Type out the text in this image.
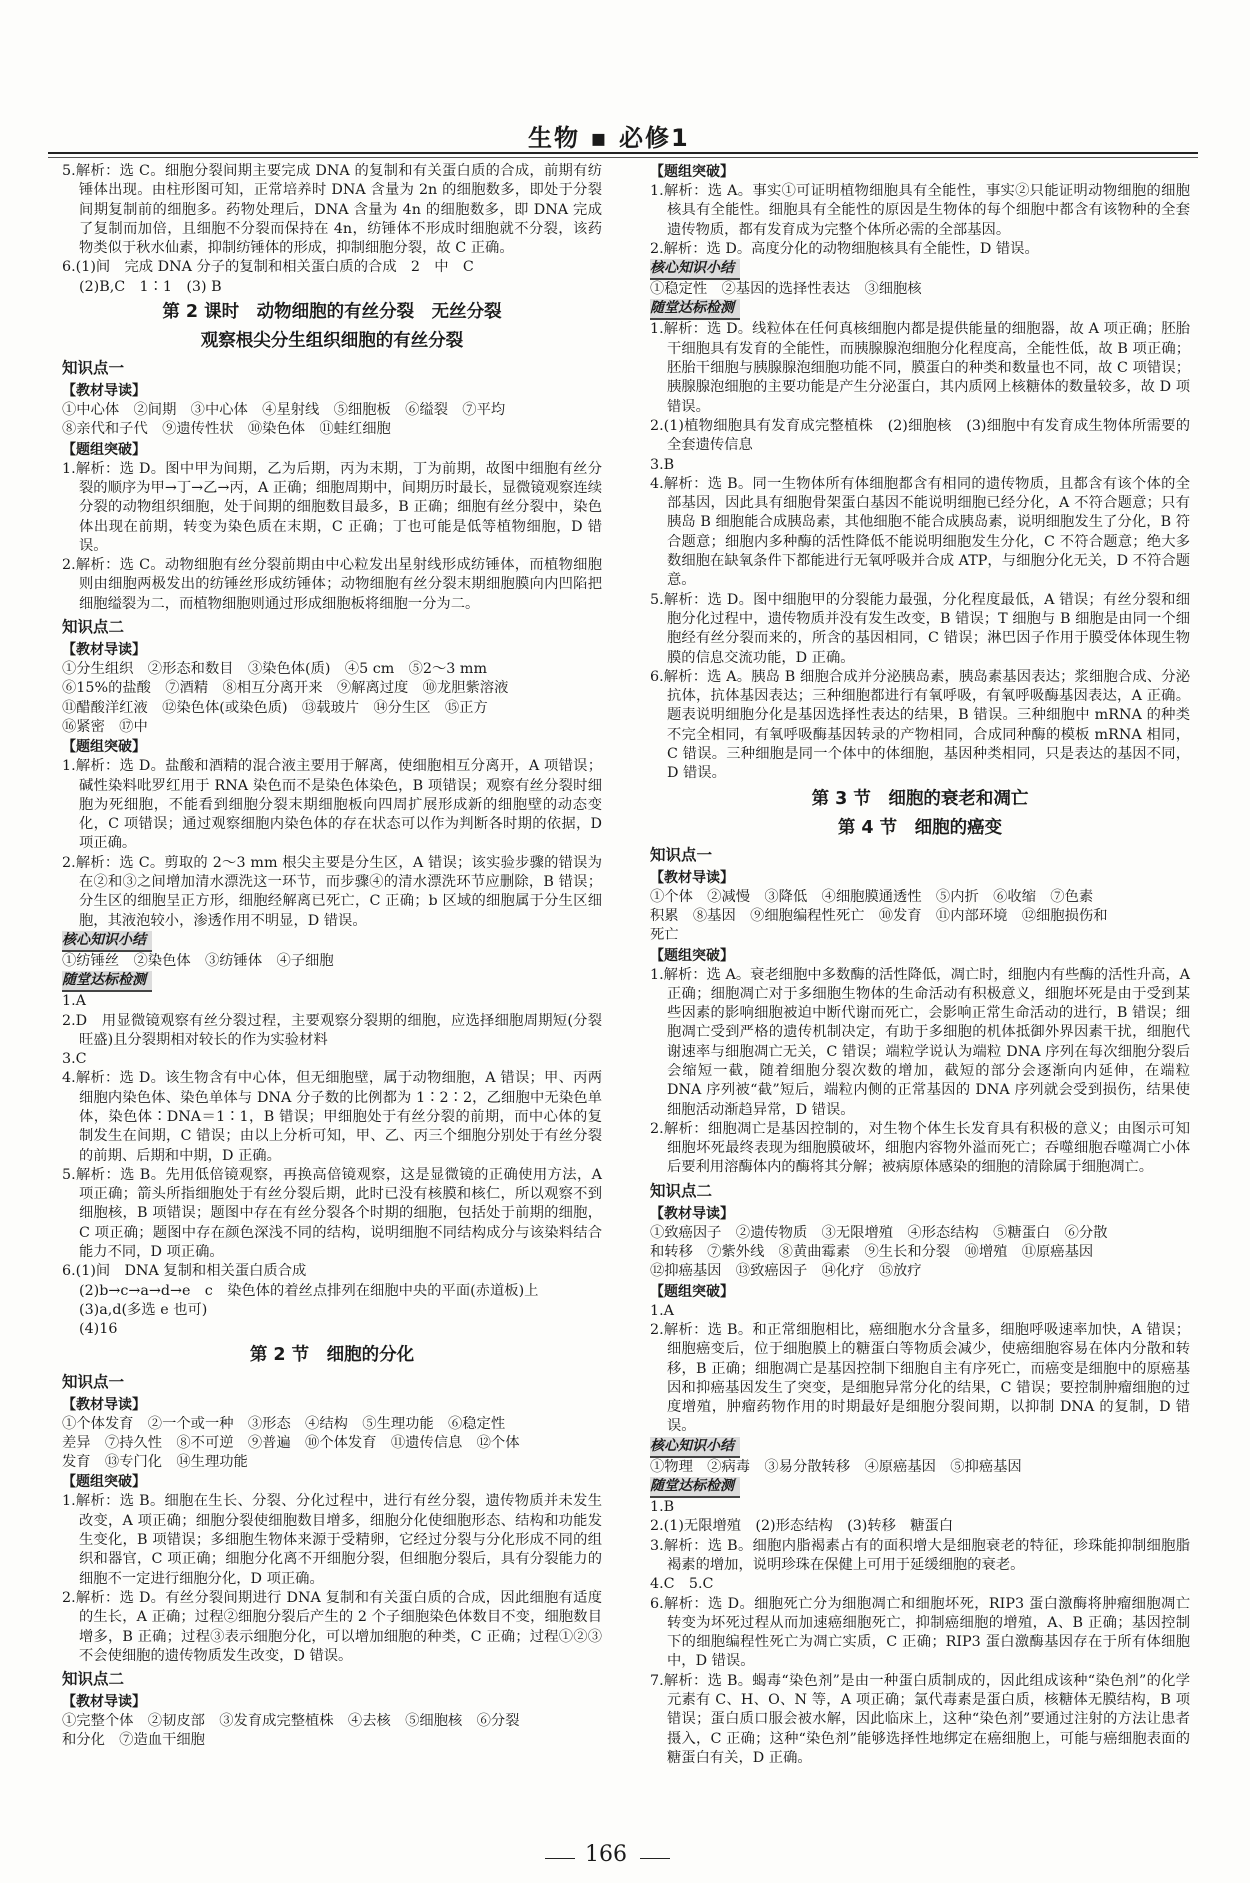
生物 ▪ 必修1

5.解析：选 C。细胞分裂间期主要完成 DNA 的复制和有关蛋白质的合成，前期有纺锤体出现。由柱形图可知，正常培养时 DNA 含量为 2n 的细胞数多，即处于分裂间期复制前的细胞多。药物处理后，DNA 含量为 4n 的细胞数多，即 DNA 完成了复制而加倍，且细胞不分裂而保持在 4n，纺锤体不形成时细胞就不分裂，该药物类似于秋水仙素，抑制纺锤体的形成，抑制细胞分裂，故 C 正确。

6.(1)间　完成 DNA 分子的复制和相关蛋白质的合成　2　中　C

(2)B,C　1∶1　(3) B

第 2 课时　动物细胞的有丝分裂　无丝分裂
观察根尖分生组织细胞的有丝分裂

知识点一

【教材导读】

①中心体　②间期　③中心体　④星射线　⑤细胞板　⑥缢裂　⑦平均

⑧亲代和子代　⑨遗传性状　⑩染色体　⑪蛙红细胞

【题组突破】

1.解析：选 D。图中甲为间期，乙为后期，丙为末期，丁为前期，故图中细胞有丝分裂的顺序为甲→丁→乙→丙，A 正确；细胞周期中，间期历时最长，显微镜观察连续分裂的动物组织细胞，处于间期的细胞数目最多，B 正确；细胞有丝分裂中，染色体出现在前期，转变为染色质在末期，C 正确；丁也可能是低等植物细胞，D 错误。

2.解析：选 C。动物细胞有丝分裂前期由中心粒发出星射线形成纺锤体，而植物细胞则由细胞两极发出的纺锤丝形成纺锤体；动物细胞有丝分裂末期细胞膜向内凹陷把细胞缢裂为二，而植物细胞则通过形成细胞板将细胞一分为二。

知识点二

【教材导读】

①分生组织　②形态和数目　③染色体(质)　④5 cm　⑤2～3 mm

⑥15%的盐酸　⑦酒精　⑧相互分离开来　⑨解离过度　⑩龙胆紫溶液

⑪醋酸洋红液　⑫染色体(或染色质)　⑬载玻片　⑭分生区　⑮正方

⑯紧密　⑰中

【题组突破】

1.解析：选 D。盐酸和酒精的混合液主要用于解离，使细胞相互分离开，A 项错误；碱性染料吡罗红用于 RNA 染色而不是染色体染色，B 项错误；观察有丝分裂时细胞为死细胞，不能看到细胞分裂末期细胞板向四周扩展形成新的细胞壁的动态变化，C 项错误；通过观察细胞内染色体的存在状态可以作为判断各时期的依据，D 项正确。

2.解析：选 C。剪取的 2～3 mm 根尖主要是分生区，A 错误；该实验步骤的错误为在②和③之间增加清水漂洗这一环节，而步骤④的清水漂洗环节应删除，B 错误；分生区的细胞呈正方形，细胞经解离已死亡，C 正确；b 区域的细胞属于分生区细胞，其液泡较小，渗透作用不明显，D 错误。

核心知识小结

①纺锤丝　②染色体　③纺锤体　④子细胞

随堂达标检测

1.A

2.D　用显微镜观察有丝分裂过程，主要观察分裂期的细胞，应选择细胞周期短(分裂旺盛)且分裂期相对较长的作为实验材料

3.C

4.解析：选 D。该生物含有中心体，但无细胞壁，属于动物细胞，A 错误；甲、丙两细胞内染色体、染色单体与 DNA 分子数的比例都为 1∶2∶2，乙细胞中无染色单体，染色体∶DNA＝1∶1，B 错误；甲细胞处于有丝分裂的前期，而中心体的复制发生在间期，C 错误；由以上分析可知，甲、乙、丙三个细胞分别处于有丝分裂的前期、后期和中期，D 正确。

5.解析：选 B。先用低倍镜观察，再换高倍镜观察，这是显微镜的正确使用方法，A 项正确；箭头所指细胞处于有丝分裂后期，此时已没有核膜和核仁，所以观察不到细胞核，B 项错误；题图中存在有丝分裂各个时期的细胞，包括处于前期的细胞，C 项正确；题图中存在颜色深浅不同的结构，说明细胞不同结构成分与该染料结合能力不同，D 项正确。

6.(1)间　DNA 复制和相关蛋白质合成

(2)b→c→a→d→e　c　染色体的着丝点排列在细胞中央的平面(赤道板)上

(3)a,d(多选 e 也可)

(4)16

第 2 节　细胞的分化

知识点一

【教材导读】

①个体发育　②一个或一种　③形态　④结构　⑤生理功能　⑥稳定性

差异　⑦持久性　⑧不可逆　⑨普遍　⑩个体发育　⑪遗传信息　⑫个体

发育　⑬专门化　⑭生理功能

【题组突破】

1.解析：选 B。细胞在生长、分裂、分化过程中，进行有丝分裂，遗传物质并未发生改变，A 项正确；细胞分裂使细胞数目增多，细胞分化使细胞形态、结构和功能发生变化，B 项错误；多细胞生物体来源于受精卵，它经过分裂与分化形成不同的组织和器官，C 项正确；细胞分化离不开细胞分裂，但细胞分裂后，具有分裂能力的细胞不一定进行细胞分化，D 项正确。

2.解析：选 D。有丝分裂间期进行 DNA 复制和有关蛋白质的合成，因此细胞有适度的生长，A 正确；过程②细胞分裂后产生的 2 个子细胞染色体数目不变，细胞数目增多，B 正确；过程③表示细胞分化，可以增加细胞的种类，C 正确；过程①②③不会使细胞的遗传物质发生改变，D 错误。

知识点二

【教材导读】

①完整个体　②韧皮部　③发育成完整植株　④去核　⑤细胞核　⑥分裂

和分化　⑦造血干细胞

【题组突破】

1.解析：选 A。事实①可证明植物细胞具有全能性，事实②只能证明动物细胞的细胞核具有全能性。细胞具有全能性的原因是生物体的每个细胞中都含有该物种的全套遗传物质，都有发育成为完整个体所必需的全部基因。

2.解析：选 D。高度分化的动物细胞核具有全能性，D 错误。

核心知识小结

①稳定性　②基因的选择性表达　③细胞核

随堂达标检测

1.解析：选 D。线粒体在任何真核细胞内都是提供能量的细胞器，故 A 项正确；胚胎干细胞具有发育的全能性，而胰腺腺泡细胞分化程度高，全能性低，故 B 项正确；胚胎干细胞与胰腺腺泡细胞功能不同，膜蛋白的种类和数量也不同，故 C 项错误；胰腺腺泡细胞的主要功能是产生分泌蛋白，其内质网上核糖体的数量较多，故 D 项错误。

2.(1)植物细胞具有发育成完整植株　(2)细胞核　(3)细胞中有发育成生物体所需要的全套遗传信息

3.B

4.解析：选 B。同一生物体所有体细胞都含有相同的遗传物质，且都含有该个体的全部基因，因此具有细胞骨架蛋白基因不能说明细胞已经分化，A 不符合题意；只有胰岛 B 细胞能合成胰岛素，其他细胞不能合成胰岛素，说明细胞发生了分化，B 符合题意；细胞内多种酶的活性降低不能说明细胞发生分化，C 不符合题意；绝大多数细胞在缺氧条件下都能进行无氧呼吸并合成 ATP，与细胞分化无关，D 不符合题意。

5.解析：选 D。图中细胞甲的分裂能力最强，分化程度最低，A 错误；有丝分裂和细胞分化过程中，遗传物质并没有发生改变，B 错误；T 细胞与 B 细胞是由同一个细胞经有丝分裂而来的，所含的基因相同，C 错误；淋巴因子作用于膜受体体现生物膜的信息交流功能，D 正确。

6.解析：选 A。胰岛 B 细胞合成并分泌胰岛素，胰岛素基因表达；浆细胞合成、分泌抗体，抗体基因表达；三种细胞都进行有氧呼吸，有氧呼吸酶基因表达，A 正确。题表说明细胞分化是基因选择性表达的结果，B 错误。三种细胞中 mRNA 的种类不完全相同，有氧呼吸酶基因转录的产物相同，合成同种酶的模板 mRNA 相同，C 错误。三种细胞是同一个体中的体细胞，基因种类相同，只是表达的基因不同，D 错误。

第 3 节　细胞的衰老和凋亡
第 4 节　细胞的癌变

知识点一

【教材导读】

①个体　②减慢　③降低　④细胞膜通透性　⑤内折　⑥收缩　⑦色素

积累　⑧基因　⑨细胞编程性死亡　⑩发育　⑪内部环境　⑫细胞损伤和

死亡

【题组突破】

1.解析：选 A。衰老细胞中多数酶的活性降低，凋亡时，细胞内有些酶的活性升高，A 正确；细胞凋亡对于多细胞生物体的生命活动有积极意义，细胞坏死是由于受到某些因素的影响细胞被迫中断代谢而死亡，会影响正常生命活动的进行，B 错误；细胞凋亡受到严格的遗传机制决定，有助于多细胞的机体抵御外界因素干扰，细胞代谢速率与细胞凋亡无关，C 错误；端粒学说认为端粒 DNA 序列在每次细胞分裂后会缩短一截，随着细胞分裂次数的增加，截短的部分会逐渐向内延伸，在端粒 DNA 序列被“截”短后，端粒内侧的正常基因的 DNA 序列就会受到损伤，结果使细胞活动渐趋异常，D 错误。

2.解析：细胞凋亡是基因控制的，对生物个体生长发育具有积极的意义；由图示可知细胞坏死最终表现为细胞膜破坏，细胞内容物外溢而死亡；吞噬细胞吞噬凋亡小体后要利用溶酶体内的酶将其分解；被病原体感染的细胞的清除属于细胞凋亡。

知识点二

【教材导读】

①致癌因子　②遗传物质　③无限增殖　④形态结构　⑤糖蛋白　⑥分散

和转移　⑦紫外线　⑧黄曲霉素　⑨生长和分裂　⑩增殖　⑪原癌基因

⑫抑癌基因　⑬致癌因子　⑭化疗　⑮放疗

【题组突破】

1.A

2.解析：选 B。和正常细胞相比，癌细胞水分含量多，细胞呼吸速率加快，A 错误；细胞癌变后，位于细胞膜上的糖蛋白等物质会减少，使癌细胞容易在体内分散和转移，B 正确；细胞凋亡是基因控制下细胞自主有序死亡，而癌变是细胞中的原癌基因和抑癌基因发生了突变，是细胞异常分化的结果，C 错误；要控制肿瘤细胞的过度增殖，肿瘤药物作用的时期最好是细胞分裂间期，以抑制 DNA 的复制，D 错误。

核心知识小结

①物理　②病毒　③易分散转移　④原癌基因　⑤抑癌基因

随堂达标检测

1.B

2.(1)无限增殖　(2)形态结构　(3)转移　糖蛋白

3.解析：选 B。细胞内脂褐素占有的面积增大是细胞衰老的特征，珍珠能抑制细胞脂褐素的增加，说明珍珠在保健上可用于延缓细胞的衰老。

4.C　5.C

6.解析：选 D。细胞死亡分为细胞凋亡和细胞坏死，RIP3 蛋白激酶将肿瘤细胞凋亡转变为坏死过程从而加速癌细胞死亡，抑制癌细胞的增殖，A、B 正确；基因控制下的细胞编程性死亡为凋亡实质，C 正确；RIP3 蛋白激酶基因存在于所有体细胞中，D 错误。

7.解析：选 B。蝎毒“染色剂”是由一种蛋白质制成的，因此组成该种“染色剂”的化学元素有 C、H、O、N 等，A 项正确；氯代毒素是蛋白质，核糖体无膜结构，B 项错误；蛋白质口服会被水解，因此临床上，这种“染色剂”要通过注射的方法让患者摄入，C 正确；这种“染色剂”能够选择性地绑定在癌细胞上，可能与癌细胞表面的糖蛋白有关，D 正确。

166
